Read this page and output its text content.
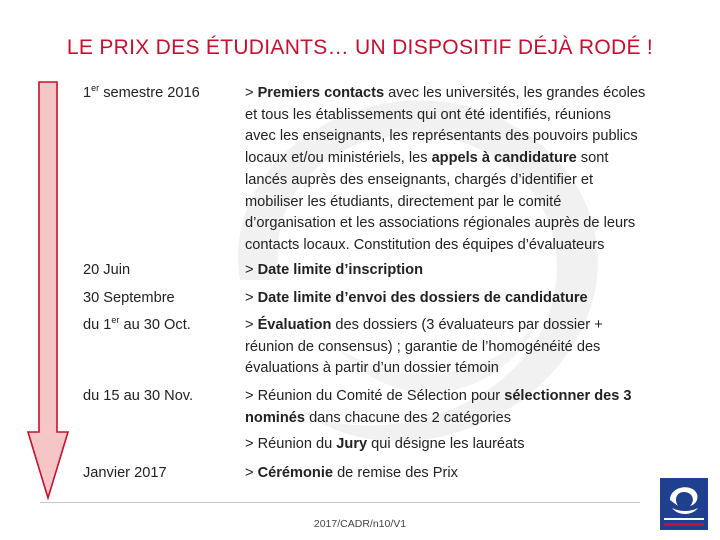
LE PRIX DES ÉTUDIANTS… UN DISPOSITIF DÉJÀ RODÉ !
1er semestre 2016	> Premiers contacts avec les universités, les grandes écoles
et tous les établissements qui ont été identifiés, réunions
avec les enseignants, les représentants des pouvoirs publics
locaux et/ou ministériels, les appels à candidature sont
lancés auprès des enseignants, chargés d’identifier et
mobiliser les étudiants, directement par le comité
d’organisation et les associations régionales auprès de leurs
contacts locaux. Constitution des équipes d’évaluateurs
20 Juin	> Date limite d’inscription
30 Septembre	> Date limite d’envoi des dossiers de candidature
du 1er au 30 Oct.	> Évaluation des dossiers (3 évaluateurs par dossier +
réunion de consensus) ; garantie de l’homogénéité des
évaluations à partir d’un dossier témoin
du 15 au 30 Nov.	> Réunion du Comité de Sélection pour sélectionner des 3
nominés dans chacune des 2 catégories
> Réunion du Jury qui désigne les lauréats
Janvier 2017	> Cérémonie de remise des Prix
2017/CADR/n10/V1
